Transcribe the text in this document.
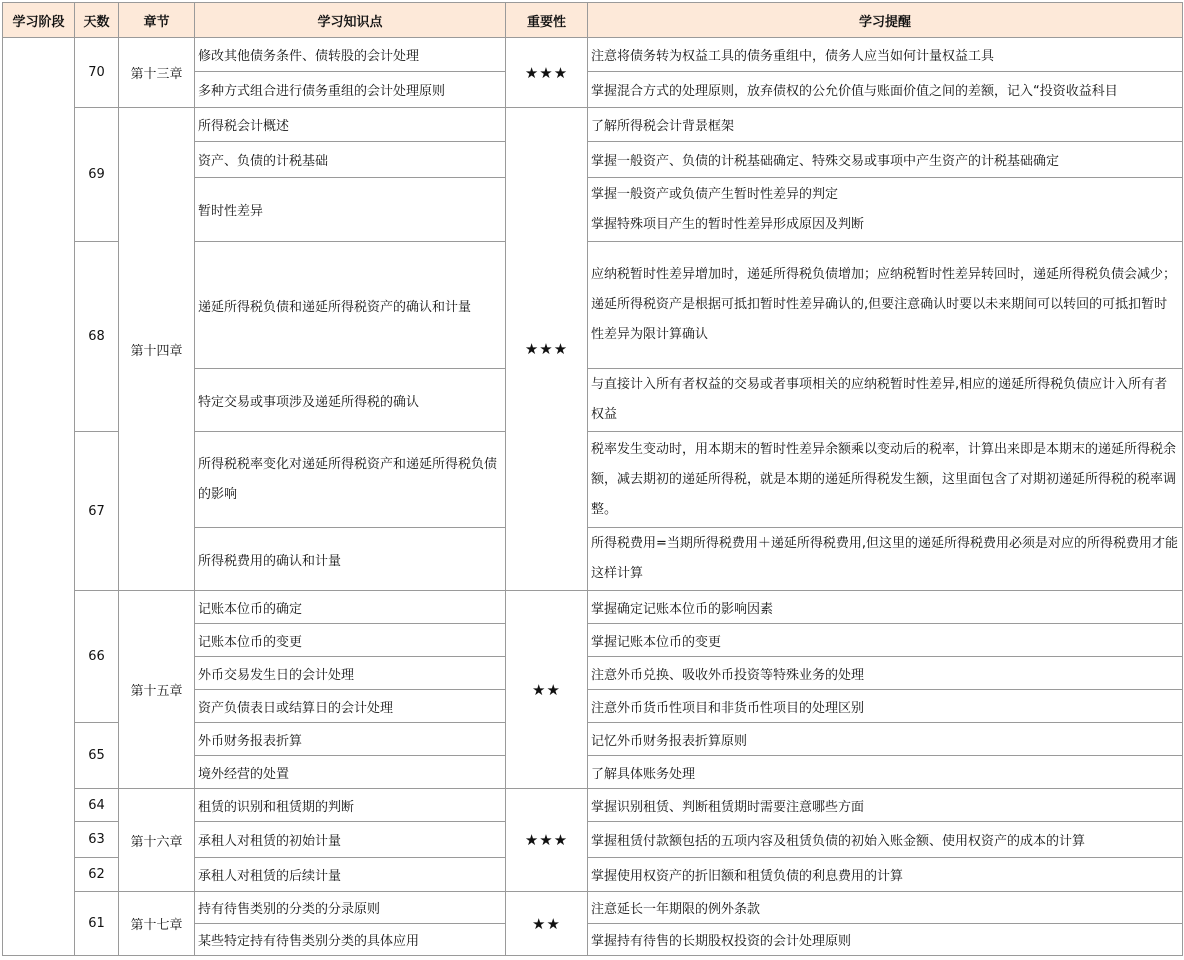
学习阶段	天数	章节	学习知识点	重要性	学习提醒
	70	第十三章	修改其他债务条件、债转股的会计处理	★★★	注意将债务转为权益工具的债务重组中，债务人应当如何计量权益工具
			多种方式组合进行债务重组的会计处理原则		掌握混合方式的处理原则，放弃债权的公允价值与账面价值之间的差额，记入“投资收益科目
	69	第十四章	所得税会计概述	★★★	了解所得税会计背景框架
			资产、负债的计税基础		掌握一般资产、负债的计税基础确定、特殊交易或事项中产生资产的计税基础确定
			暂时性差异		掌握一般资产或负债产生暂时性差异的判定
掌握特殊项目产生的暂时性差异形成原因及判断

	68		递延所得税负债和递延所得税资产的确认和计量		应纳税暂时性差异增加时，递延所得税负债增加；应纳税暂时性差异转回时，递延所得税负债会减少；
递延所得税资产是根据可抵扣暂时性差异确认的,但要注意确认时要以未来期间可以转回的可抵扣暂时性差异为限计算确认

			特定交易或事项涉及递延所得税的确认		与直接计入所有者权益的交易或者事项相关的应纳税暂时性差异,相应的递延所得税负债应计入所有者权益
	67		所得税税率变化对递延所得税资产和递延所得税负债的影响		税率发生变动时，用本期末的暂时性差异余额乘以变动后的税率，计算出来即是本期末的递延所得税余额，减去期初的递延所得税，就是本期的递延所得税发生额，这里面包含了对期初递延所得税的税率调整。
			所得税费用的确认和计量		所得税费用=当期所得税费用＋递延所得税费用,但这里的递延所得税费用必须是对应的所得税费用才能这样计算
	66	第十五章	记账本位币的确定	★★	掌握确定记账本位币的影响因素
			记账本位币的变更		掌握记账本位币的变更
			外币交易发生日的会计处理		注意外币兑换、吸收外币投资等特殊业务的处理
			资产负债表日或结算日的会计处理		注意外币货币性项目和非货币性项目的处理区别
	65		外币财务报表折算		记忆外币财务报表折算原则
			境外经营的处置		了解具体账务处理
	64	第十六章	租赁的识别和租赁期的判断	★★★	掌握识别租赁、判断租赁期时需要注意哪些方面
	63		承租人对租赁的初始计量		掌握租赁付款额包括的五项内容及租赁负债的初始入账金额、使用权资产的成本的计算
	62		承租人对租赁的后续计量		掌握使用权资产的折旧额和租赁负债的利息费用的计算
	61	第十七章	持有待售类别的分类的分录原则	★★	注意延长一年期限的例外条款
			某些特定持有待售类别分类的具体应用		掌握持有待售的长期股权投资的会计处理原则
